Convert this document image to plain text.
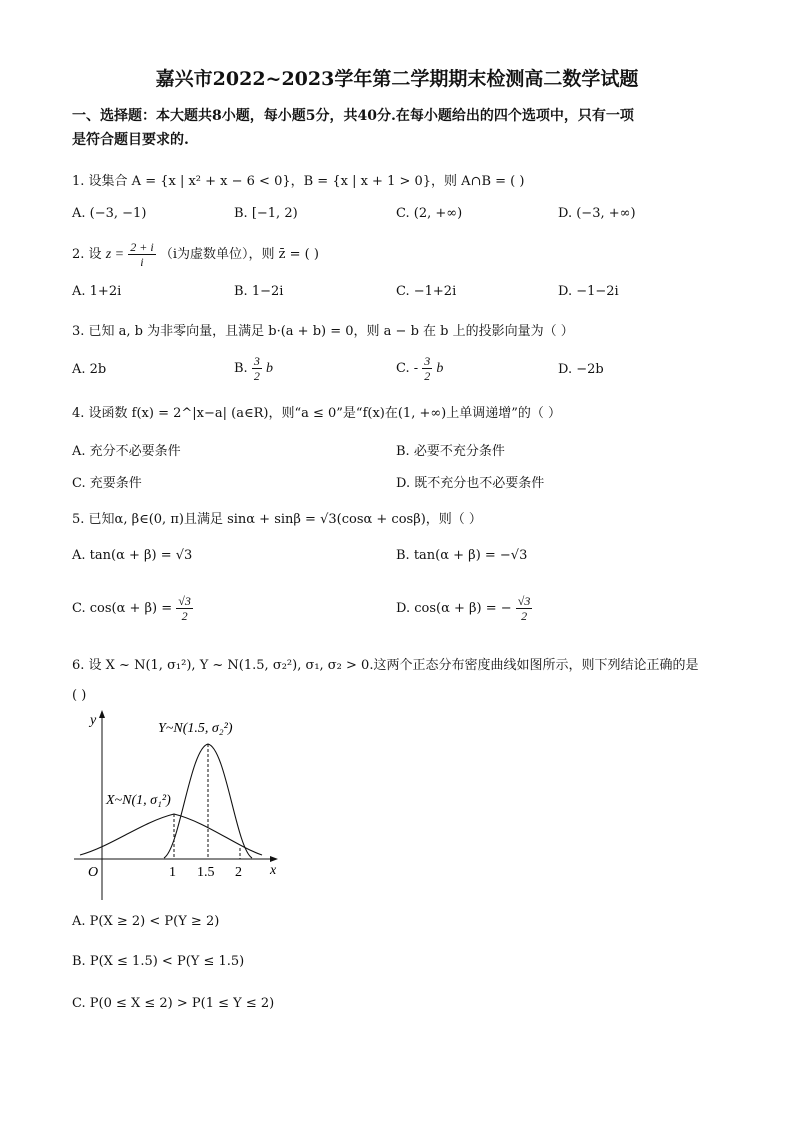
嘉兴市2022~2023学年第二学期期末检测高二数学试题
一、选择题：本大题共8小题，每小题5分，共40分.在每小题给出的四个选项中，只有一项
是符合题目要求的.
1. 设集合 A = {x | x² + x − 6 < 0}，B = {x | x + 1 > 0}，则 A∩B = ( )
A. (−3, −1)	B. [−1, 2)	C. (2, +∞)	D. (−3, +∞)
2. 设 $z = \frac{2 + i}{i} (i$为虚数单位），则 z̄ = ( )
A. 1+2i	B. 1−2i	C. −1+2i	D. −1−2i
3. 已知 a, b 为非零向量，且满足 b·(a + b) = 0，则 a − b 在 b 上的投影向量为（ ）
A. 2b	B. $\frac{3}{2}$ b	C. - $\frac{3}{2}$ b	D. −2b
4. 设函数 f(x) = 2^|x−a| (a∈R)，则“a ≤ 0”是“f(x)在(1, +∞)上单调递增”的（ ）
A. 充分不必要条件	B. 必要不充分条件
C. 充要条件	D. 既不充分也不必要条件
5. 已知α, β∈(0, π)且满足 sinα + sinβ = √3(cosα + cosβ)，则（ ）
A. tan(α + β) = √3	B. tan(α + β) = −√3
C. $\cos(\alpha + \beta) = \frac{√3}{2}$	D. cos(α + β) = − $\frac{√3}{2}$
6. 设 X ~ N(1, σ₁²), Y ~ N(1.5, σ₂²), σ₁, σ₂ > 0.这两个正态分布密度曲线如图所示，则下列结论正确的是
( )
y
x
O	1 1.5 2
Y~N(1.5, σ₂²)
X~N(1, σ₁²)
A. P(X ≥ 2) < P(Y ≥ 2)
B. P(X ≤ 1.5) < P(Y ≤ 1.5)
C. P(0 ≤ X ≤ 2) > P(1 ≤ Y ≤ 2)
